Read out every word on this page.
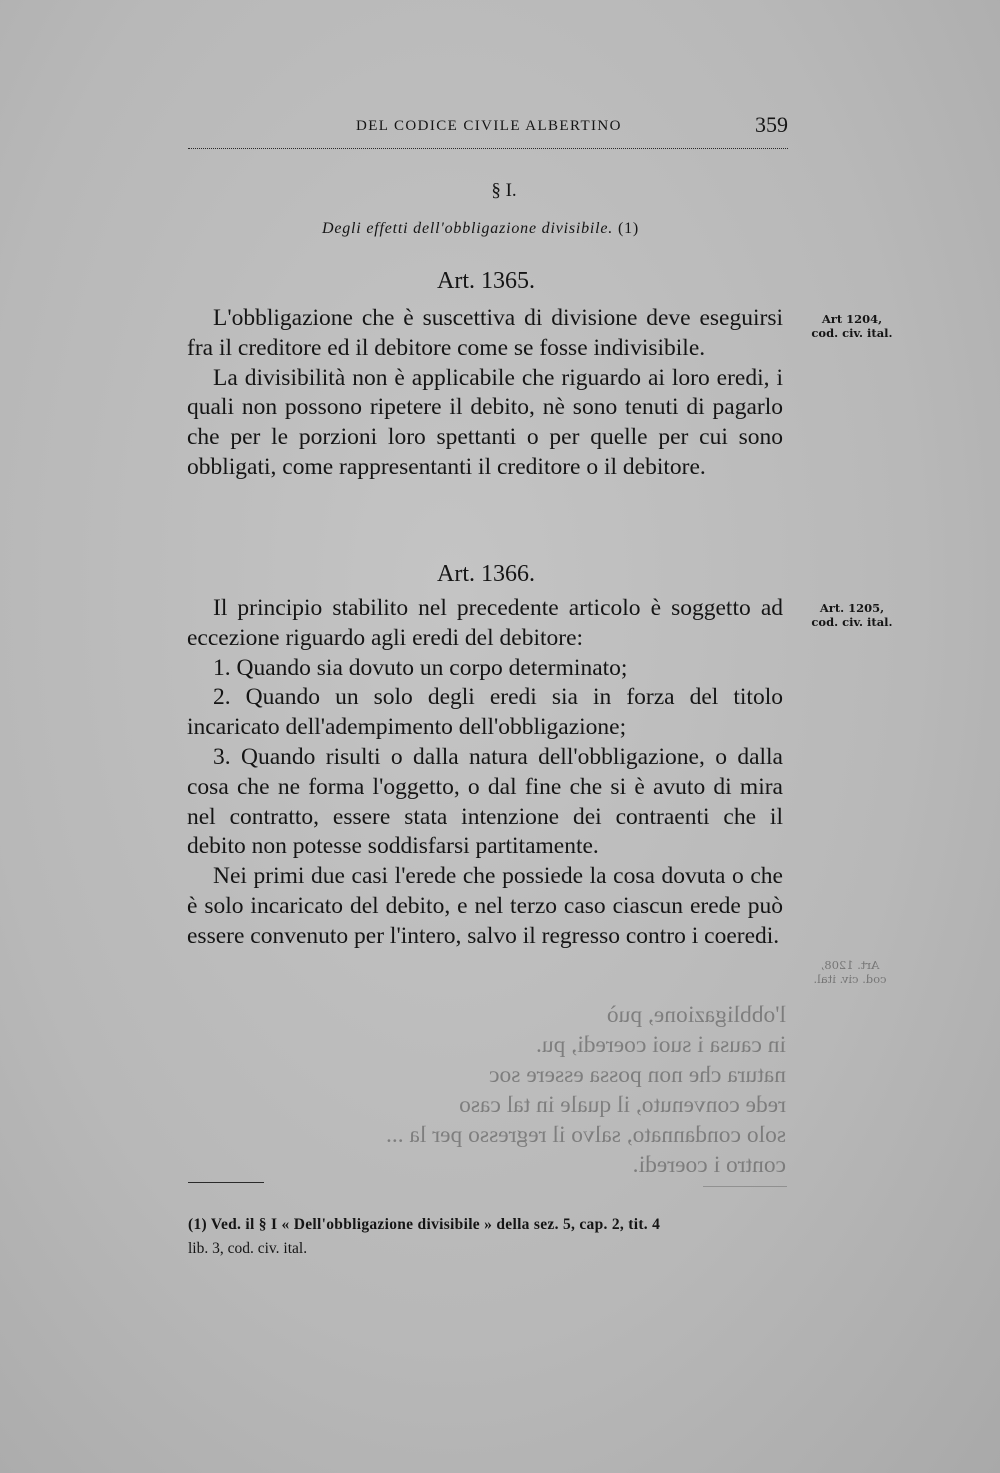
DEL CODICE CIVILE ALBERTINO	359
§ I.
Degli effetti dell'obbligazione divisibile. (1)
Art. 1365.
Art 1204,
cod. civ. ital.

L'obbligazione che è suscettiva di divisione deve eseguirsi fra il creditore ed il debitore come se fosse indivisibile.

La divisibilità non è applicabile che riguardo ai loro eredi, i quali non possono ripetere il debito, nè sono tenuti di pagarlo che per le porzioni loro spettanti o per quelle per cui sono obbligati, come rappresentanti il creditore o il debitore.

Art. 1366.
Art. 1205,
cod. civ. ital.

Il principio stabilito nel precedente articolo è soggetto ad eccezione riguardo agli eredi del debitore:

1. Quando sia dovuto un corpo determinato;

2. Quando un solo degli eredi sia in forza del titolo incaricato dell'adempimento dell'obbligazione;

3. Quando risulti o dalla natura dell'obbligazione, o dalla cosa che ne forma l'oggetto, o dal fine che si è avuto di mira nel contratto, essere stata intenzione dei contraenti che il debito non potesse soddisfarsi partitamente.

Nei primi due casi l'erede che possiede la cosa dovuta o che è solo incaricato del debito, e nel terzo caso ciascun erede può essere convenuto per l'intero, salvo il regresso contro i coeredi.

l'obbligazione, può

in causa i suoi coeredi, pu.

natura che non possa essere soc

rede convenuto, il quale in tal caso

solo condannato, salvo il regresso per la ...

contro i coeredi.

Art. 1208,
cod. civ. ital.
(1) Ved. il § I « Dell'obbligazione divisibile » della sez. 5, cap. 2, tit. 4
lib. 3, cod. civ. ital.
